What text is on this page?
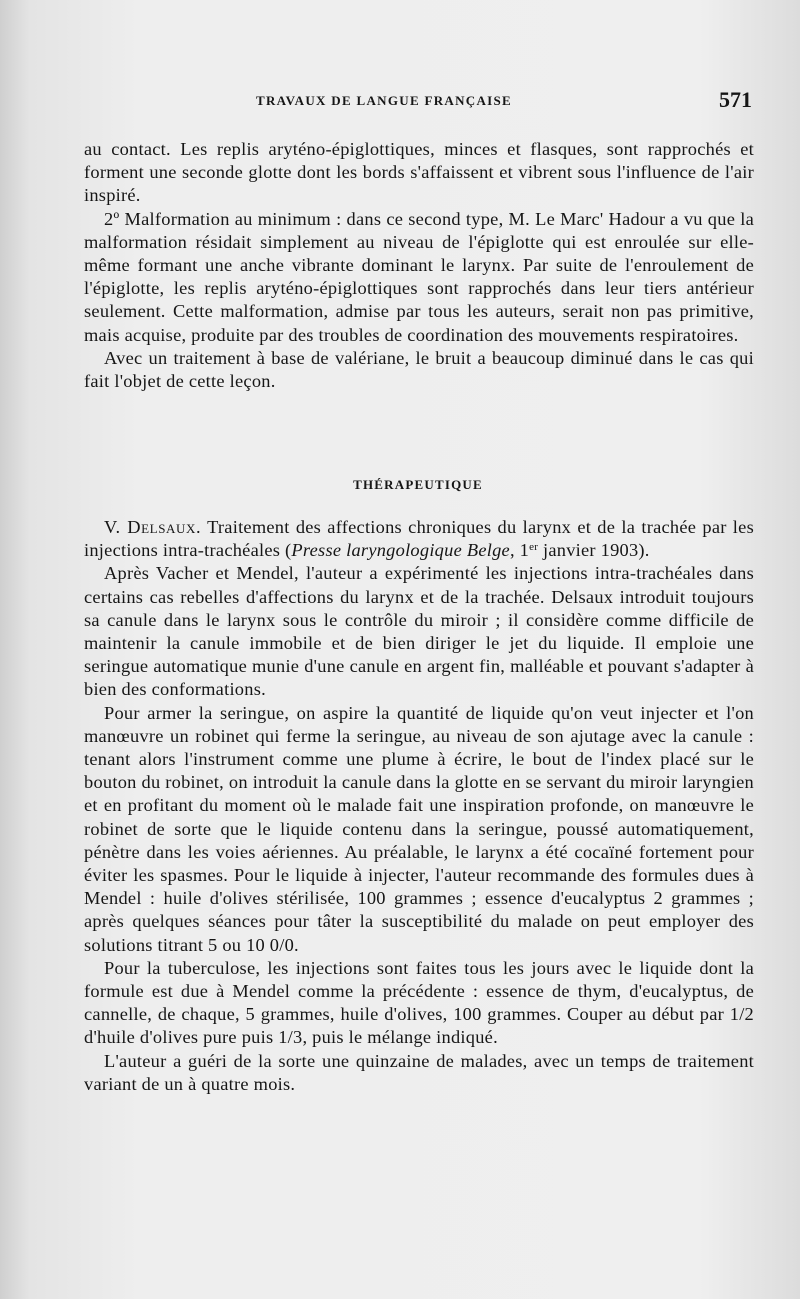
TRAVAUX DE LANGUE FRANÇAISE	571

au contact. Les replis aryténo-épiglottiques, minces et flasques, sont rapprochés et forment une seconde glotte dont les bords s'affaissent et vibrent sous l'influence de l'air inspiré.

2º Malformation au minimum : dans ce second type, M. Le Marc' Hadour a vu que la malformation résidait simplement au niveau de l'épiglotte qui est enroulée sur elle-même formant une anche vibrante dominant le larynx. Par suite de l'enroulement de l'épiglotte, les replis aryténo-épiglottiques sont rapprochés dans leur tiers antérieur seulement. Cette malformation, admise par tous les auteurs, serait non pas primitive, mais acquise, produite par des troubles de coordination des mouvements respiratoires.

Avec un traitement à base de valériane, le bruit a beaucoup diminué dans le cas qui fait l'objet de cette leçon.

THÉRAPEUTIQUE

V. Delsaux. Traitement des affections chroniques du larynx et de la trachée par les injections intra-trachéales (Presse laryngologique Belge, 1er janvier 1903).

Après Vacher et Mendel, l'auteur a expérimenté les injections intra-trachéales dans certains cas rebelles d'affections du larynx et de la trachée. Delsaux introduit toujours sa canule dans le larynx sous le contrôle du miroir ; il considère comme difficile de maintenir la canule immobile et de bien diriger le jet du liquide. Il emploie une seringue automatique munie d'une canule en argent fin, malléable et pouvant s'adapter à bien des conformations.

Pour armer la seringue, on aspire la quantité de liquide qu'on veut injecter et l'on manœuvre un robinet qui ferme la seringue, au niveau de son ajutage avec la canule : tenant alors l'instrument comme une plume à écrire, le bout de l'index placé sur le bouton du robinet, on introduit la canule dans la glotte en se servant du miroir laryngien et en profitant du moment où le malade fait une inspiration profonde, on manœuvre le robinet de sorte que le liquide contenu dans la seringue, poussé automatiquement, pénètre dans les voies aériennes. Au préalable, le larynx a été cocaïné fortement pour éviter les spasmes. Pour le liquide à injecter, l'auteur recommande des formules dues à Mendel : huile d'olives stérilisée, 100 grammes ; essence d'eucalyptus 2 grammes ; après quelques séances pour tâter la susceptibilité du malade on peut employer des solutions titrant 5 ou 10 0/0.

Pour la tuberculose, les injections sont faites tous les jours avec le liquide dont la formule est due à Mendel comme la précédente : essence de thym, d'eucalyptus, de cannelle, de chaque, 5 grammes, huile d'olives, 100 grammes. Couper au début par 1/2 d'huile d'olives pure puis 1/3, puis le mélange indiqué.

L'auteur a guéri de la sorte une quinzaine de malades, avec un temps de traitement variant de un à quatre mois.
